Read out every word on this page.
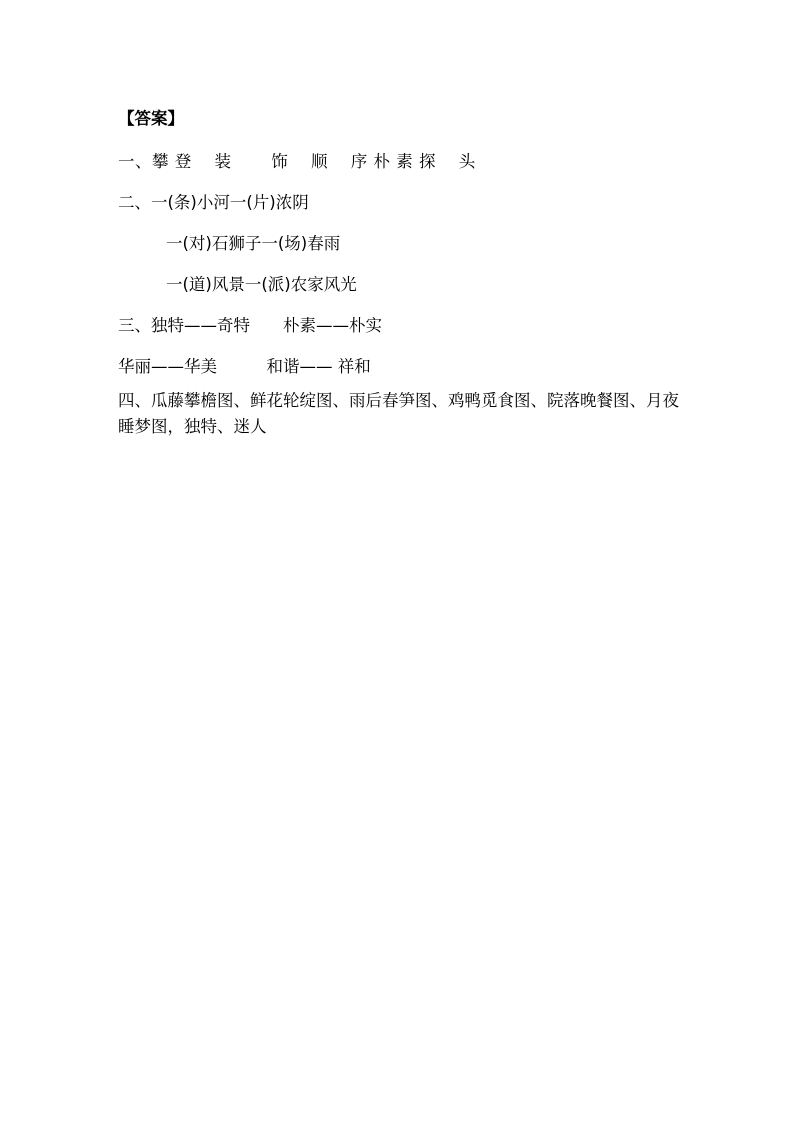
【答案】
一、攀 登 　装 　　饰 　顺 　序 朴 素 探 　头
二、一(条)小河一(片)浓阴
一(对)石狮子一(场)春雨
一(道)风景一(派)农家风光
三、独特——奇特　　朴素——朴实
华丽——华美　　　和谐—— 祥和
四、瓜藤攀檐图、鲜花轮绽图、雨后春笋图、鸡鸭觅食图、院落晚餐图、月夜睡梦图，独特、迷人
